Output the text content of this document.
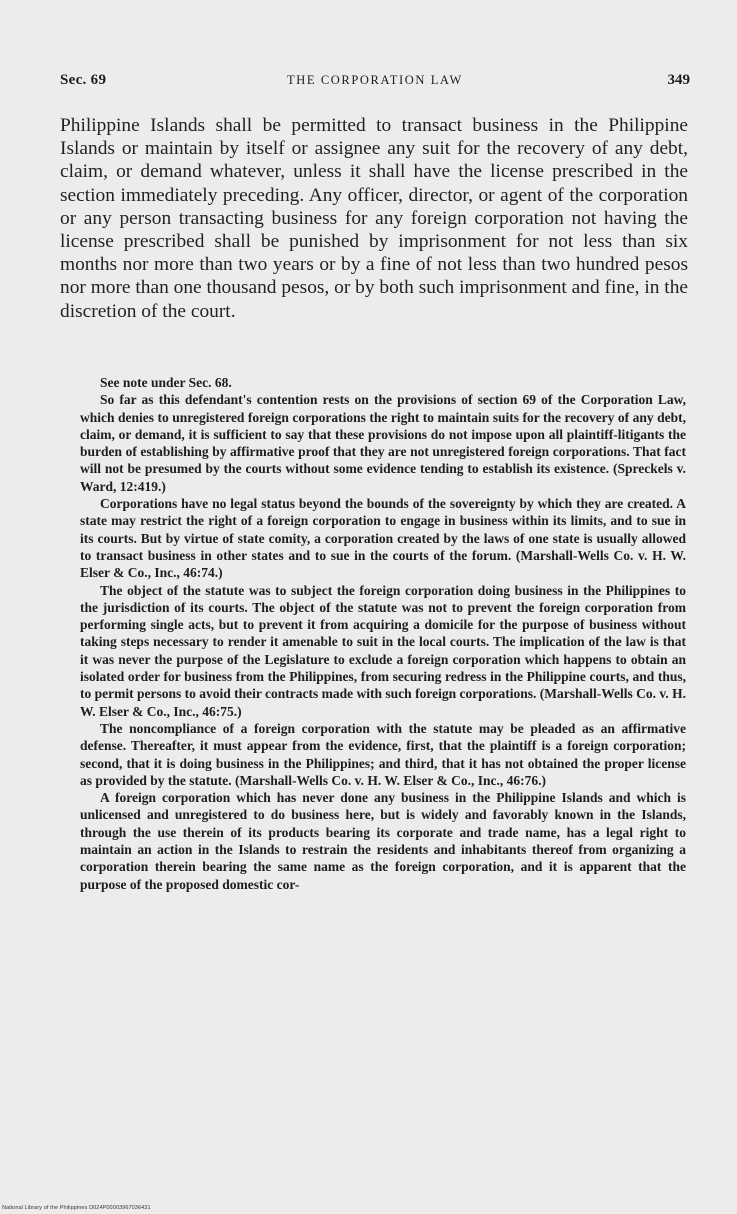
Sec. 69	THE CORPORATION LAW	349

Philippine Islands shall be permitted to transact business in the Philippine Islands or maintain by itself or assignee any suit for the recovery of any debt, claim, or demand whatever, unless it shall have the license prescribed in the section immediately preceding. Any officer, director, or agent of the corporation or any person transacting business for any foreign corporation not having the license prescribed shall be punished by imprisonment for not less than six months nor more than two years or by a fine of not less than two hundred pesos nor more than one thousand pesos, or by both such imprisonment and fine, in the discretion of the court.

See note under Sec. 68.

So far as this defendant's contention rests on the provisions of section 69 of the Corporation Law, which denies to unregistered foreign corporations the right to maintain suits for the recovery of any debt, claim, or demand, it is sufficient to say that these provisions do not impose upon all plaintiff-litigants the burden of establishing by affirmative proof that they are not unregistered foreign corporations. That fact will not be presumed by the courts without some evidence tending to establish its existence. (Spreckels v. Ward, 12:419.)

Corporations have no legal status beyond the bounds of the sovereignty by which they are created. A state may restrict the right of a foreign corporation to engage in business within its limits, and to sue in its courts. But by virtue of state comity, a corporation created by the laws of one state is usually allowed to transact business in other states and to sue in the courts of the forum. (Marshall-Wells Co. v. H. W. Elser & Co., Inc., 46:74.)

The object of the statute was to subject the foreign corporation doing business in the Philippines to the jurisdiction of its courts. The object of the statute was not to prevent the foreign corporation from performing single acts, but to prevent it from acquiring a domicile for the purpose of business without taking steps necessary to render it amenable to suit in the local courts. The implication of the law is that it was never the purpose of the Legislature to exclude a foreign corporation which happens to obtain an isolated order for business from the Philippines, from securing redress in the Philippine courts, and thus, to permit persons to avoid their contracts made with such foreign corporations. (Marshall-Wells Co. v. H. W. Elser & Co., Inc., 46:75.)

The noncompliance of a foreign corporation with the statute may be pleaded as an affirmative defense. Thereafter, it must appear from the evidence, first, that the plaintiff is a foreign corporation; second, that it is doing business in the Philippines; and third, that it has not obtained the proper license as provided by the statute. (Marshall-Wells Co. v. H. W. Elser & Co., Inc., 46:76.)

A foreign corporation which has never done any business in the Philippine Islands and which is unlicensed and unregistered to do business here, but is widely and favorably known in the Islands, through the use therein of its products bearing its corporate and trade name, has a legal right to maintain an action in the Islands to restrain the residents and inhabitants thereof from organizing a corporation therein bearing the same name as the foreign corporation, and it is apparent that the purpose of the proposed domestic cor-

National Library of the Philippines D024P00003967036431
